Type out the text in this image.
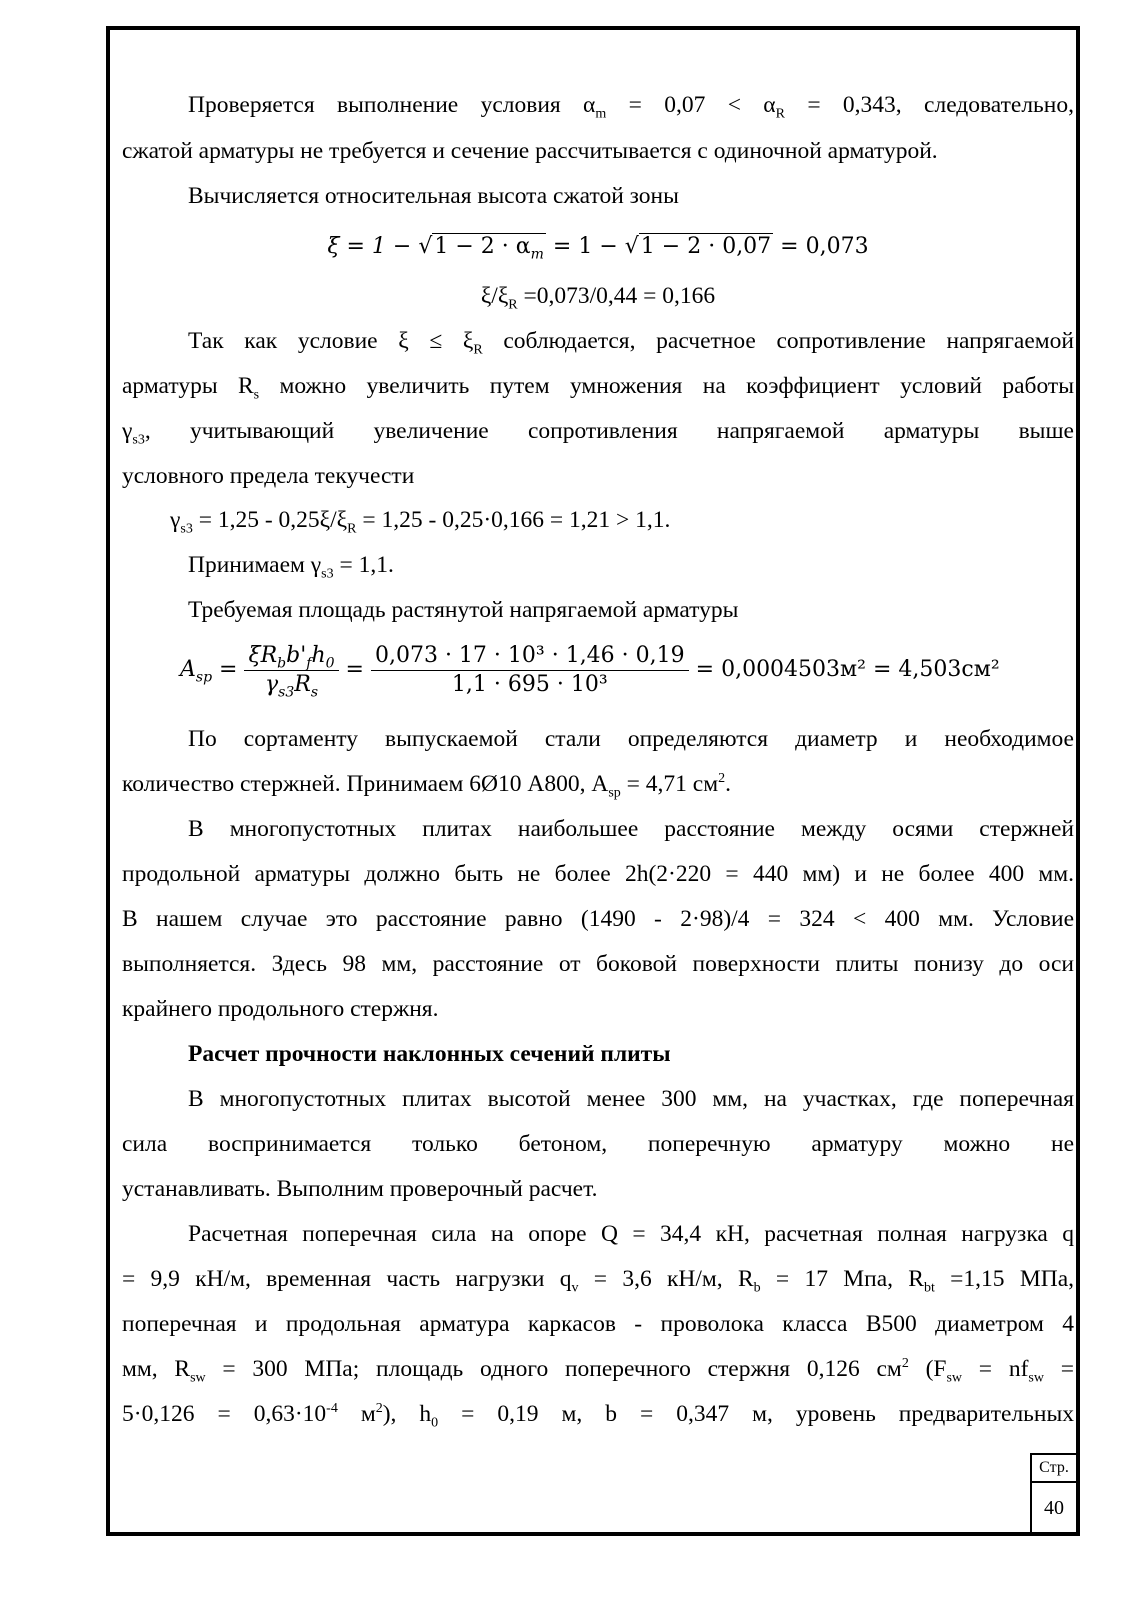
Проверяется выполнение условия $\alpha_m = 0,07 < \alpha_R = 0,343$, следовательно,
сжатой арматуры не требуется и сечение рассчитывается с одиночной арматурой.
Вычисляется относительная высота сжатой зоны
$\xi = 1 - √1 - 2 \cdot \alpha_m = 1 - √1 - 2 \cdot 0,07 = 0,073$
$\xi/\xi_R =0,073/0,44 = 0,166$
Так как условие $\xi \le \xi_R$ соблюдается, расчетное сопротивление напрягаемой
арматуры $R_s$ можно увеличить путем умножения на коэффициент условий работы
$\gamma_{s3}$, учитывающий увеличение сопротивления напрягаемой арматуры выше
условного предела текучести
$\gamma_{s3} = 1,25 - 0,25\xi/\xi_R = 1,25 - 0,25\cdot 0,166 = 1,21 > 1,1$.
Принимаем $\gamma_{s3} = 1,1$.
Требуемая площадь растянутой напрягаемой арматуры
$A_{sp} = \frac{\xi R_bb'_fh_0}{\gamma_{s3}R_s} = \frac{\text{0,073 · 17 · 10³ · 1,46 · 0,19}}{\text{1,1 · 695 · 10³}} = 0,0004503м^2 = 4,503см^2$
По сортаменту выпускаемой стали определяются диаметр и необходимое
количество стержней. Принимаем 6Ø10 А800, $A_{sp} = 4,71$ $см^2$.
В многопустотных плитах наибольшее расстояние между осями стержней
продольной арматуры должно быть не более 2h(2·220 = 440 мм) и не более 400 мм.
В нашем случае это расстояние равно (1490 - 2·98)/4 = 324 < 400 мм. Условие
выполняется. Здесь 98 мм, расстояние от боковой поверхности плиты понизу до оси
крайнего продольного стержня.
Расчет прочности наклонных сечений плиты
В многопустотных плитах высотой менее 300 мм, на участках, где поперечная
сила воспринимается только бетоном, поперечную арматуру можно не
устанавливать. Выполним проверочный расчет.
Расчетная поперечная сила на опоре Q = 34,4 кН, расчетная полная нагрузка q
= 9,9 кН/м, временная часть нагрузки $q_v = 3,6$ кН/м, $R_b = 17$ Мпа, $R_{bt} =1,15$ МПа,
поперечная и продольная арматура каркасов - проволока класса В500 диаметром 4
мм, $R_{sw} = 300$ МПа; площадь одного поперечного стержня 0,126 $см^2$ ($F_{sw} = nf_{sw}$ =
$5\cdot 0,126 = 0,63\cdot 10^{-4}$ $м^2$), $h_0 = 0,19$ м, b = 0,347 м, уровень предварительных
Стр.
40
